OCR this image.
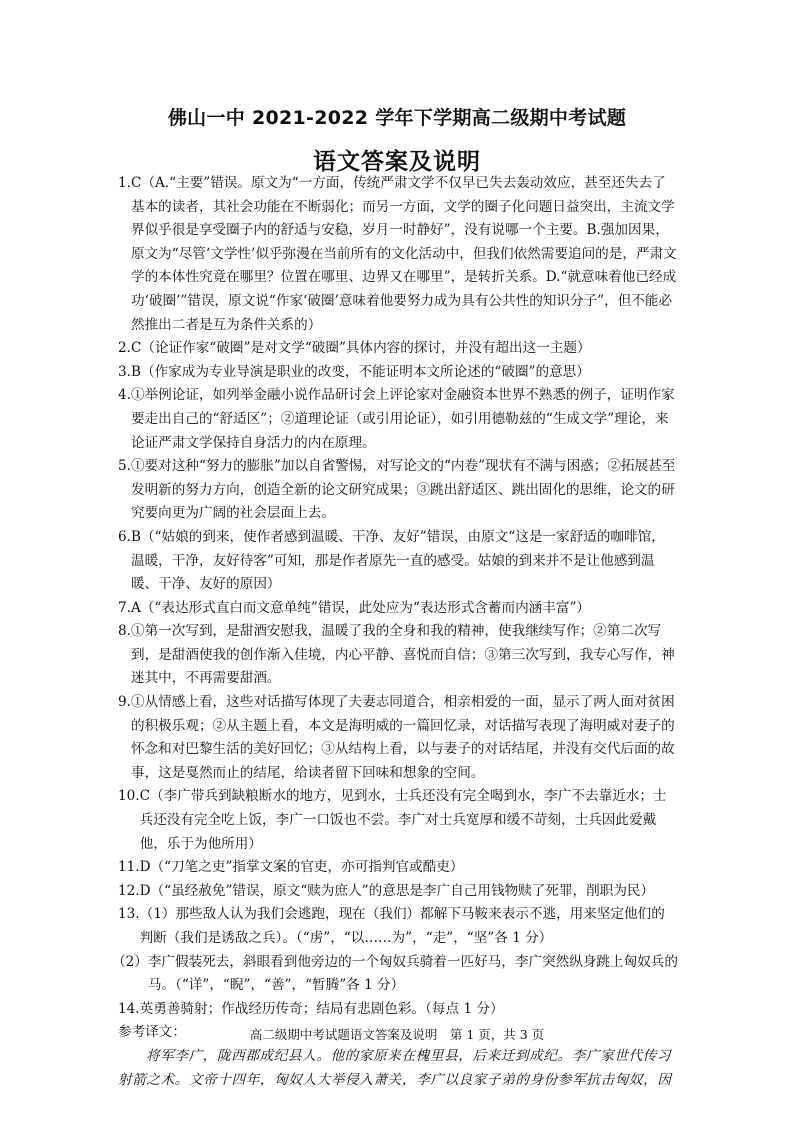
佛山一中 2021-2022 学年下学期高二级期中考试题
语文答案及说明
1. C（A.“主要”错误。原文为“一方面，传统严肃文学不仅早已失去轰动效应，甚至还失去了基本的读者，其社会功能在不断弱化；而另一方面，文学的圈子化问题日益突出，主流文学界似乎很是享受圈子内的舒适与安稳，岁月一时静好”，没有说哪一个主要。B.强加因果，原文为“尽管‘文学性’似乎弥漫在当前所有的文化活动中，但我们依然需要追问的是，严肃文学的本体性究竟在哪里？位置在哪里、边界又在哪里”，是转折关系。D.“就意味着他已经成功‘破圈’”错误，原文说“作家‘破圈’意味着他要努力成为具有公共性的知识分子”，但不能必然推出二者是互为条件关系的）
2. C（论证作家“破圈”是对文学“破圈”具体内容的探讨，并没有超出这一主题）
3. B（作家成为专业导演是职业的改变，不能证明本文所论述的“破圈”的意思）
4. ①举例论证，如列举金融小说作品研讨会上评论家对金融资本世界不熟悉的例子，证明作家要走出自己的“舒适区”；②道理论证（或引用论证），如引用德勒兹的“生成文学”理论，来论证严肃文学保持自身活力的内在原理。
5. ①要对这种“努力的膨胀”加以自省警惕，对写论文的“内卷”现状有不满与困惑；②拓展甚至发明新的努力方向，创造全新的论文研究成果；③跳出舒适区、跳出固化的思维，论文的研究要向更为广阔的社会层面上去。
6. B（“姑娘的到来，使作者感到温暖、干净、友好”错误，由原文“这是一家舒适的咖啡馆，温暖，干净，友好待客”可知，那是作者原先一直的感受。姑娘的到来并不是让他感到温暖、干净、友好的原因）
7. A（“表达形式直白而文意单纯”错误，此处应为“表达形式含蓄而内涵丰富”）
8. ①第一次写到，是甜酒安慰我，温暖了我的全身和我的精神，使我继续写作；②第二次写到，是甜酒使我的创作渐入佳境，内心平静、喜悦而自信；③第三次写到，我专心写作，神迷其中，不再需要甜酒。
9. ①从情感上看，这些对话描写体现了夫妻志同道合，相亲相爱的一面，显示了两人面对贫困的积极乐观；②从主题上看，本文是海明威的一篇回忆录，对话描写表现了海明威对妻子的怀念和对巴黎生活的美好回忆；③从结构上看，以与妻子的对话结尾，并没有交代后面的故事，这是戛然而止的结尾，给读者留下回味和想象的空间。
10. C（李广带兵到缺粮断水的地方，见到水，士兵还没有完全喝到水，李广不去靠近水；士兵还没有完全吃上饭，李广一口饭也不尝。李广对士兵宽厚和缓不苛刻，士兵因此爱戴他，乐于为他所用）
11. D（“刀笔之吏”指掌文案的官吏，亦可指判官或酷吏）
12. D（“虽经赦免”错误，原文“赎为庶人”的意思是李广自己用钱物赎了死罪，削职为民）
13. （1）那些敌人认为我们会逃跑，现在（我们）都解下马鞍来表示不逃，用来坚定他们的判断（我们是诱敌之兵）。（“虏”，“以……为”，“走”，“坚”各 1 分）
（2） 李广假装死去，斜眼看到他旁边的一个匈奴兵骑着一匹好马，李广突然纵身跳上匈奴兵的马。（“详”，“睨”，“善”，“暂腾”各 1 分）
14. 英勇善骑射；作战经历传奇；结局有悲剧色彩。（每点 1 分）
参考译文：
将军李广，陇西郡成纪县人。他的家原来在槐里县，后来迁到成纪。李广家世代传习射箭之术。文帝十四年，匈奴人大举侵入萧关，李广以良家子弟的身份参军抗击匈奴，因
高二级期中考试题语文答案及说明　第 1 页，共 3 页
